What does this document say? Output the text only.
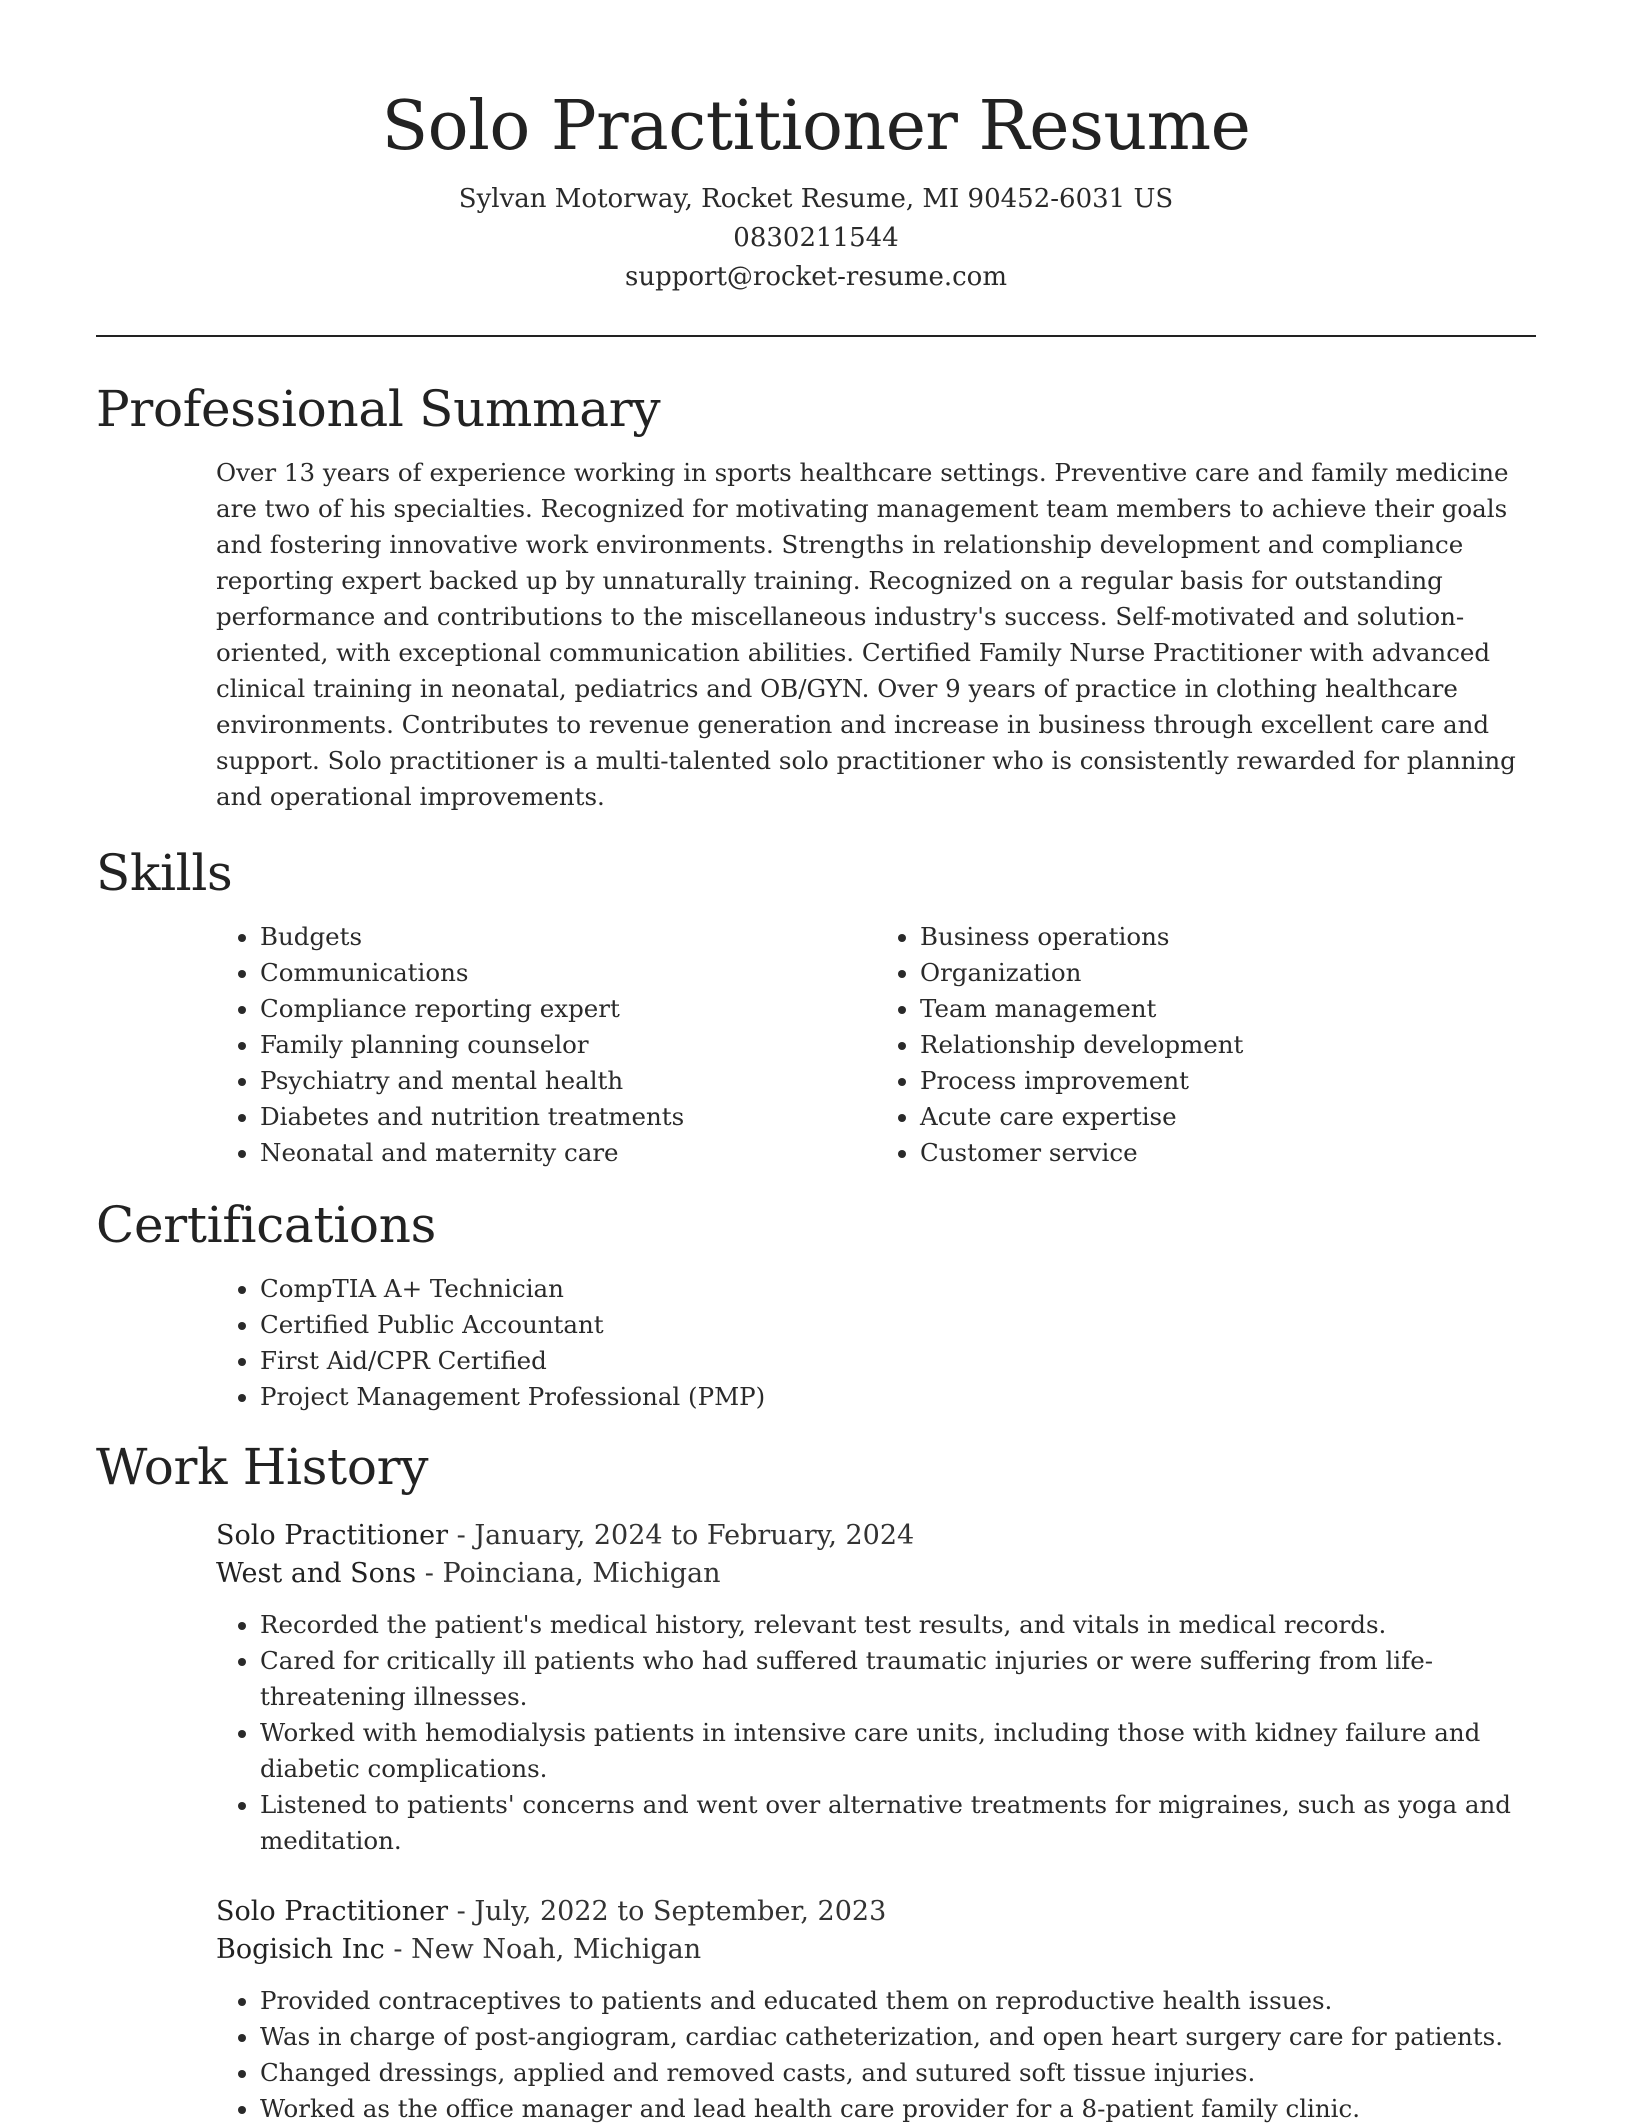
Solo Practitioner Resume
Sylvan Motorway, Rocket Resume, MI 90452-6031 US
0830211544
support@rocket-resume.com
Professional Summary

Over 13 years of experience working in sports healthcare settings. Preventive care and family medicine are two of his specialties. Recognized for motivating management team members to achieve their goals and fostering innovative work environments. Strengths in relationship development and compliance reporting expert backed up by unnaturally training. Recognized on a regular basis for outstanding performance and contributions to the miscellaneous industry's success. Self-motivated and solution-oriented, with exceptional communication abilities. Certified Family Nurse Practitioner with advanced clinical training in neonatal, pediatrics and OB/GYN. Over 9 years of practice in clothing healthcare environments. Contributes to revenue generation and increase in business through excellent care and support. Solo practitioner is a multi-talented solo practitioner who is consistently rewarded for planning and operational improvements.

Skills
• Budgets
• Communications
• Compliance reporting expert
• Family planning counselor
• Psychiatry and mental health
• Diabetes and nutrition treatments
• Neonatal and maternity care
• Business operations
• Organization
• Team management
• Relationship development
• Process improvement
• Acute care expertise
• Customer service
Certifications
• CompTIA A+ Technician
• Certified Public Accountant
• First Aid/CPR Certified
• Project Management Professional (PMP)
Work History
Solo Practitioner - January, 2024 to February, 2024
West and Sons - Poinciana, Michigan
• Recorded the patient's medical history, relevant test results, and vitals in medical records.
• Cared for critically ill patients who had suffered traumatic injuries or were suffering from life-threatening illnesses.
• Worked with hemodialysis patients in intensive care units, including those with kidney failure and diabetic complications.
• Listened to patients' concerns and went over alternative treatments for migraines, such as yoga and meditation.
Solo Practitioner - July, 2022 to September, 2023
Bogisich Inc - New Noah, Michigan
• Provided contraceptives to patients and educated them on reproductive health issues.
• Was in charge of post-angiogram, cardiac catheterization, and open heart surgery care for patients.
• Changed dressings, applied and removed casts, and sutured soft tissue injuries.
• Worked as the office manager and lead health care provider for a 8-patient family clinic.
